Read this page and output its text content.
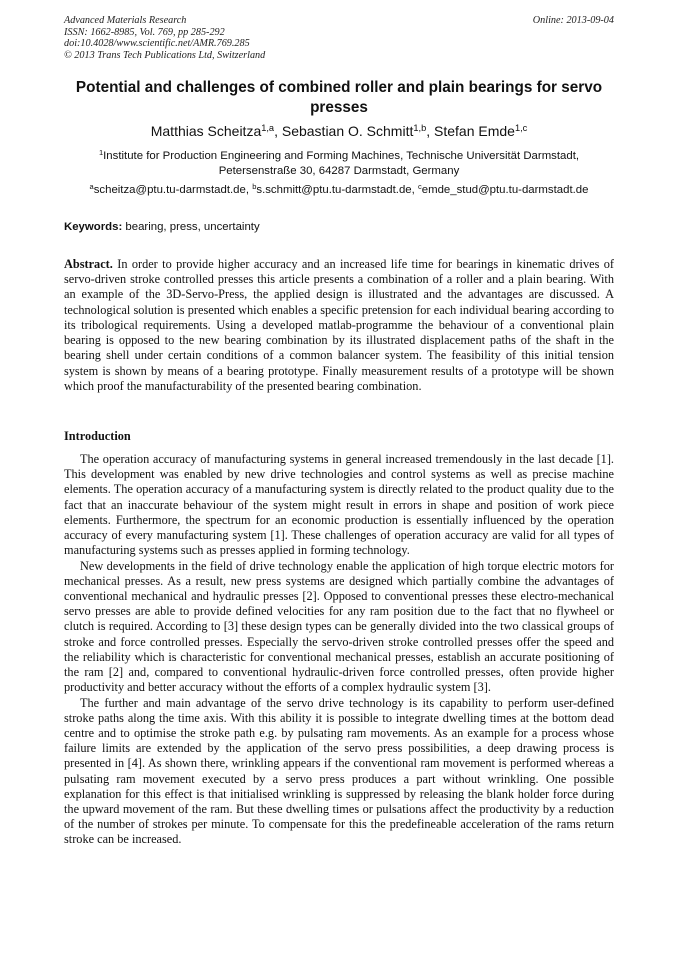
Advanced Materials Research
ISSN: 1662-8985, Vol. 769, pp 285-292
doi:10.4028/www.scientific.net/AMR.769.285
© 2013 Trans Tech Publications Ltd, Switzerland
Online: 2013-09-04
Potential and challenges of combined roller and plain bearings for servo presses
Matthias Scheitza$^{1,a}$, Sebastian O. Schmitt$^{1,b}$, Stefan Emde$^{1,c}$
$^1$Institute for Production Engineering and Forming Machines, Technische Universität Darmstadt,
Petersenstraße 30, 64287 Darmstadt, Germany
$^a$scheitza@ptu.tu-darmstadt.de, $^b$s.schmitt@ptu.tu-darmstadt.de, $^c$emde_stud@ptu.tu-darmstadt.de
Keywords: bearing, press, uncertainty

Abstract. In order to provide higher accuracy and an increased life time for bearings in kinematic drives of servo-driven stroke controlled presses this article presents a combination of a roller and a plain bearing. With an example of the 3D-Servo-Press, the applied design is illustrated and the advantages are discussed. A technological solution is presented which enables a specific pretension for each individual bearing according to its tribological requirements. Using a developed matlab-programme the behaviour of a conventional plain bearing is opposed to the new bearing combination by its illustrated displacement paths of the shaft in the bearing shell under certain conditions of a common balancer system. The feasibility of this initial tension system is shown by means of a bearing prototype. Finally measurement results of a prototype will be shown which proof the manufacturability of the presented bearing combination.

Introduction

The operation accuracy of manufacturing systems in general increased tremendously in the last decade [1]. This development was enabled by new drive technologies and control systems as well as precise machine elements. The operation accuracy of a manufacturing system is directly related to the product quality due to the fact that an inaccurate behaviour of the system might result in errors in shape and position of work piece elements. Furthermore, the spectrum for an economic production is essentially influenced by the operation accuracy of every manufacturing system [1]. These challenges of operation accuracy are valid for all types of manufacturing systems such as presses applied in forming technology.

New developments in the field of drive technology enable the application of high torque electric motors for mechanical presses. As a result, new press systems are designed which partially combine the advantages of conventional mechanical and hydraulic presses [2]. Opposed to conventional presses these electro-mechanical servo presses are able to provide defined velocities for any ram position due to the fact that no flywheel or clutch is required. According to [3] these design types can be generally divided into the two classical groups of stroke and force controlled presses. Especially the servo-driven stroke controlled presses offer the speed and the reliability which is characteristic for conventional mechanical presses, establish an accurate positioning of the ram [2] and, compared to conventional hydraulic-driven force controlled presses, often provide higher productivity and better accuracy without the efforts of a complex hydraulic system [3].

The further and main advantage of the servo drive technology is its capability to perform user-defined stroke paths along the time axis. With this ability it is possible to integrate dwelling times at the bottom dead centre and to optimise the stroke path e.g. by pulsating ram movements. As an example for a process whose failure limits are extended by the application of the servo press possibilities, a deep drawing process is presented in [4]. As shown there, wrinkling appears if the conventional ram movement is performed whereas a pulsating ram movement executed by a servo press produces a part without wrinkling. One possible explanation for this effect is that initialised wrinkling is suppressed by releasing the blank holder force during the upward movement of the ram. But these dwelling times or pulsations affect the productivity by a reduction of the number of strokes per minute. To compensate for this the predefineable acceleration of the rams return stroke can be increased.
